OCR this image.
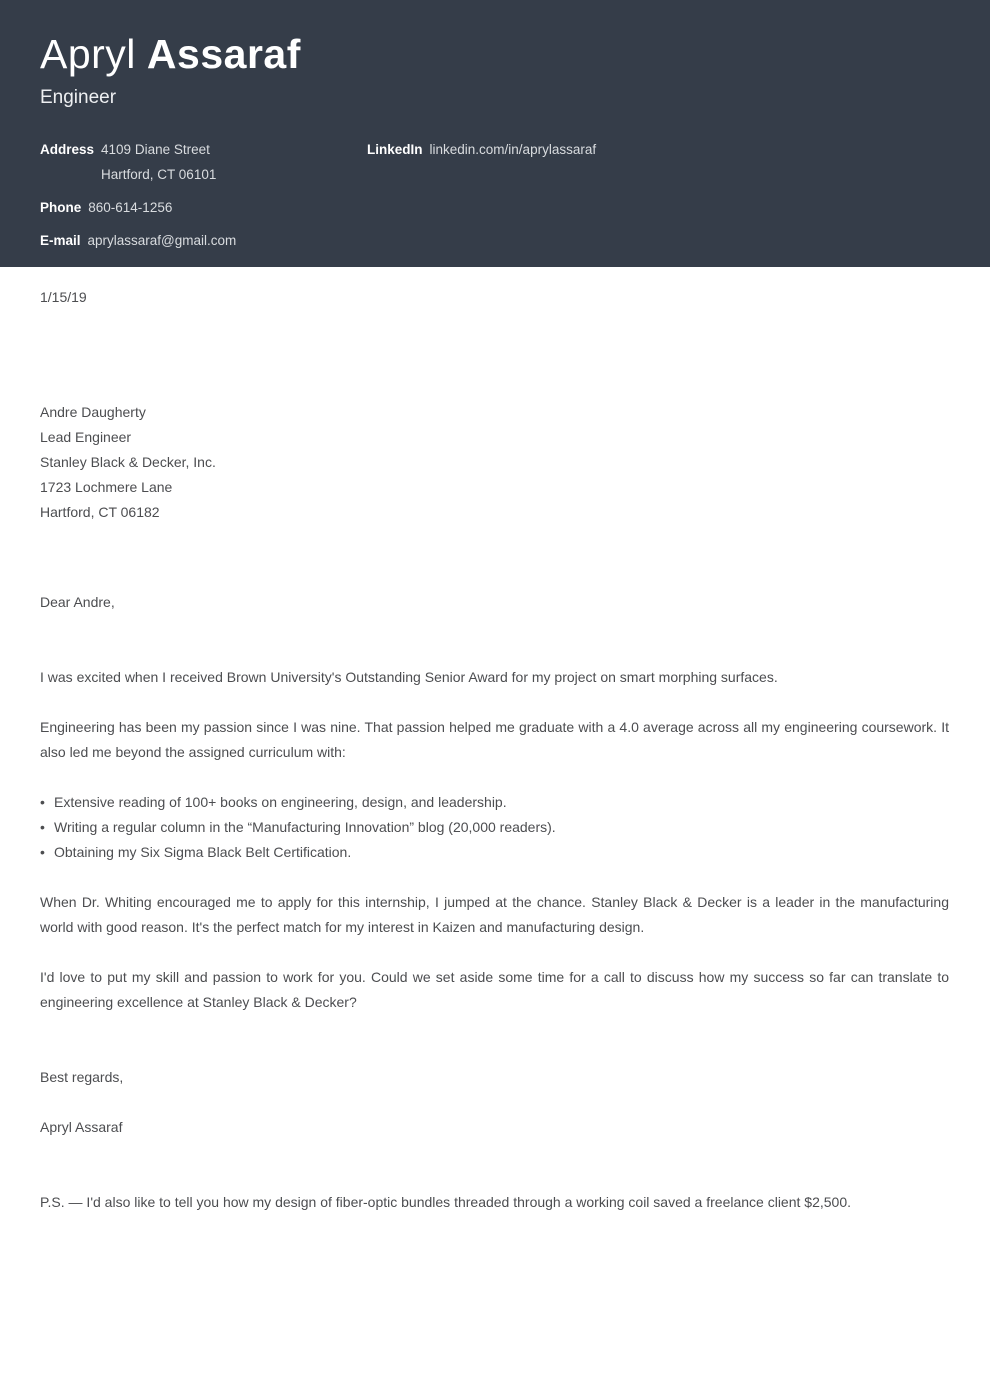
Apryl Assaraf
Engineer
Address 4109 Diane Street
Hartford, CT 06101
Phone 860-614-1256
E-mail aprylassaraf@gmail.com
LinkedIn linkedin.com/in/aprylassaraf

1/15/19

Andre Daugherty
Lead Engineer
Stanley Black & Decker, Inc.
1723 Lochmere Lane
Hartford, CT 06182

Dear Andre,

I was excited when I received Brown University's Outstanding Senior Award for my project on smart morphing surfaces.

Engineering has been my passion since I was nine. That passion helped me graduate with a 4.0 average across all my engineering coursework. It also led me beyond the assigned curriculum with:

• Extensive reading of 100+ books on engineering, design, and leadership.
• Writing a regular column in the “Manufacturing Innovation” blog (20,000 readers).
• Obtaining my Six Sigma Black Belt Certification.

When Dr. Whiting encouraged me to apply for this internship, I jumped at the chance. Stanley Black & Decker is a leader in the manufacturing world with good reason. It's the perfect match for my interest in Kaizen and manufacturing design.

I'd love to put my skill and passion to work for you. Could we set aside some time for a call to discuss how my success so far can translate to engineering excellence at Stanley Black & Decker?

Best regards,

Apryl Assaraf

P.S. — I'd also like to tell you how my design of fiber-optic bundles threaded through a working coil saved a freelance client $2,500.
